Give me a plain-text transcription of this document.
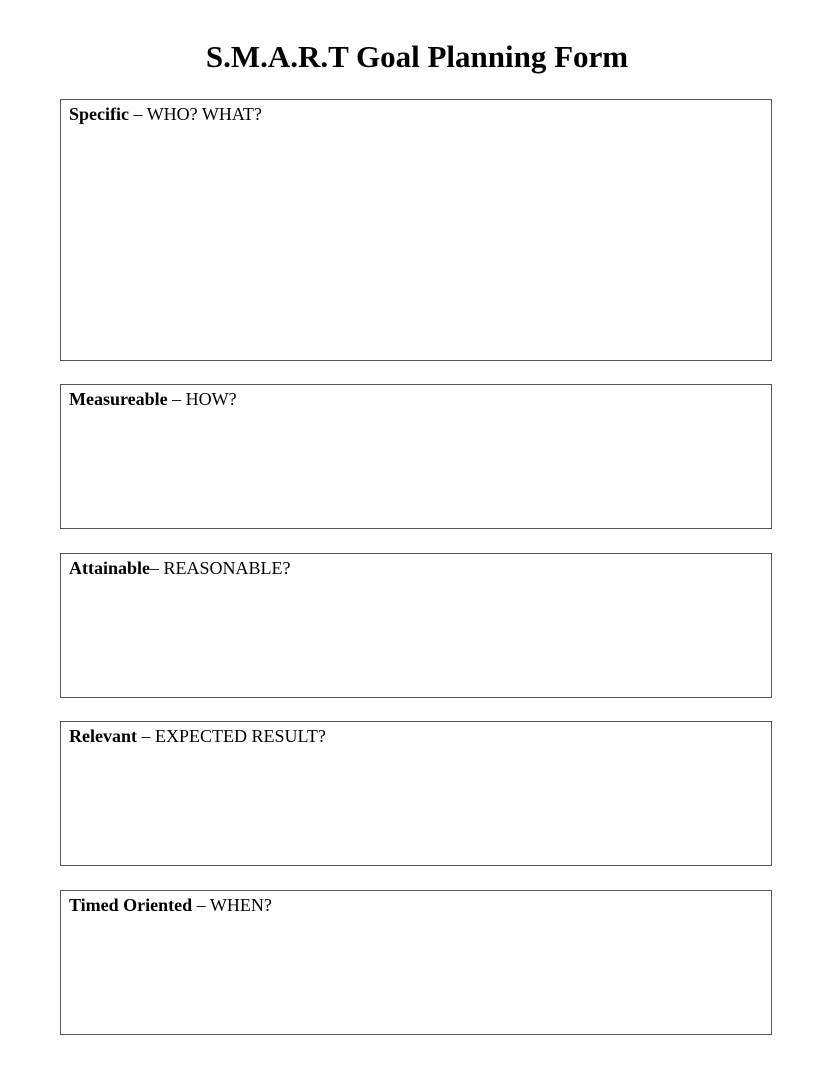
S.M.A.R.T Goal Planning Form
Specific – WHO? WHAT?
Measureable – HOW?
Attainable– REASONABLE?
Relevant – EXPECTED RESULT?
Timed Oriented – WHEN?
